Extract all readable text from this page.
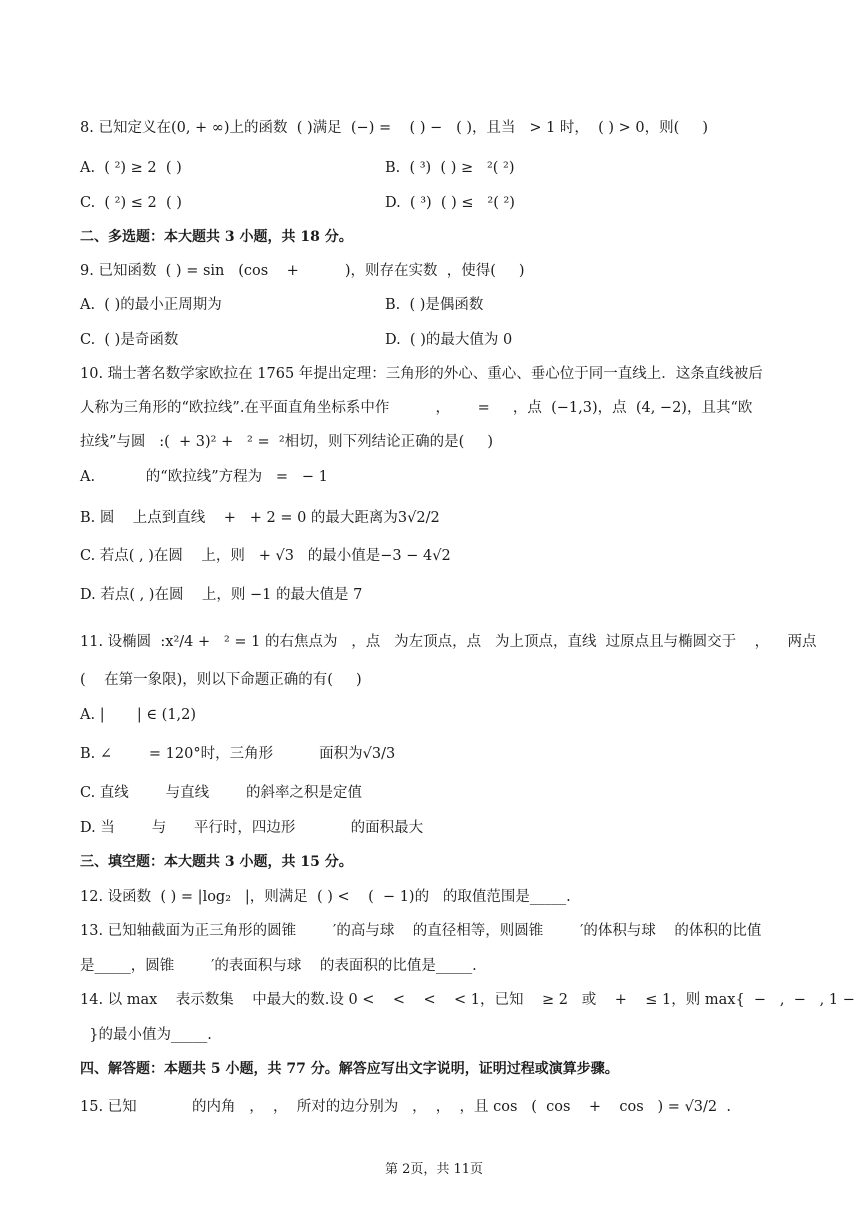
8. 已知定义在(0, + ∞)上的函数  ( )满足  (−) =    ( ) −   ( )，且当   > 1 时，  ( ) > 0，则(     )
A.  ( ²) ≥ 2  ( )	B.  ( ³)  ( ) ≥   ²( ²)
C.  ( ²) ≤ 2  ( )	D.  ( ³)  ( ) ≤   ²( ²)
二、多选题：本大题共 3 小题，共 18 分。
9. 已知函数  ( ) = sin   (cos    +          )，则存在实数  ，使得(     )
A.  ( )的最小正周期为	B.  ( )是偶函数
C.  ( )是奇函数	D.  ( )的最大值为 0
10. 瑞士著名数学家欧拉在 1765 年提出定理：三角形的外心、重心、垂心位于同一直线上．这条直线被后
人称为三角形的“欧拉线”.在平面直角坐标系中作          ，      =     ，点  (−1,3)，点  (4, −2)，且其“欧
拉线”与圆   :(  + 3)² +   ² =  ²相切，则下列结论正确的是(     )
A.           的“欧拉线”方程为   =   − 1
B. 圆    上点到直线    +   + 2 = 0 的最大距离为3√2/2
C. 若点( , )在圆    上，则   + √3   的最小值是−3 − 4√2
D. 若点( , )在圆    上，则 −1 的最大值是 7
11. 设椭圆  :x²/4 +   ² = 1 的右焦点为   ，点   为左顶点，点   为上顶点，直线  过原点且与椭圆交于    ，    两点
(    在第一象限)，则以下命题正确的有(     )
A. |       | ∈ (1,2)
B. ∠        = 120°时，三角形          面积为√3/3
C. 直线        与直线        的斜率之积是定值
D. 当        与      平行时，四边形            的面积最大
三、填空题：本大题共 3 小题，共 15 分。
12. 设函数  ( ) = |log₂   |，则满足  ( ) <    (  − 1)的   的取值范围是_____.
13. 已知轴截面为正三角形的圆锥        ′的高与球    的直径相等，则圆锥        ′的体积与球    的体积的比值
是_____，圆锥        ′的表面积与球    的表面积的比值是_____.
14. 以 max    表示数集    中最大的数.设 0 <    <    <    < 1，已知    ≥ 2   或    +    ≤ 1，则 max{  −   ,  −   , 1 −
}的最小值为_____.
四、解答题：本题共 5 小题，共 77 分。解答应写出文字说明，证明过程或演算步骤。
15. 已知            的内角   ，  ，  所对的边分别为   ，  ，  ，且 cos   (  cos    +    cos   ) = √3/2  .
第 2页，共 11页
